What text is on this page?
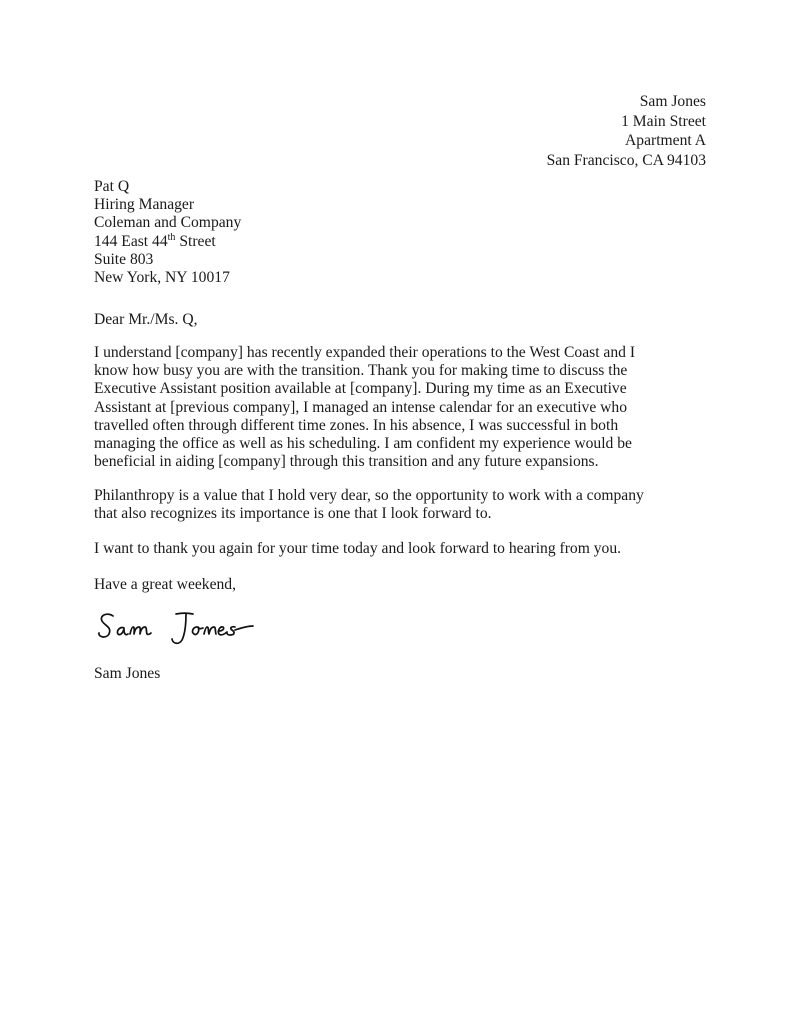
Sam Jones
1 Main Street
Apartment A
San Francisco, CA 94103
Pat Q
Hiring Manager
Coleman and Company
144 East 44th Street
Suite 803
New York, NY 10017
Dear Mr./Ms. Q,
I understand [company] has recently expanded their operations to the West Coast and I
know how busy you are with the transition. Thank you for making time to discuss the
Executive Assistant position available at [company]. During my time as an Executive
Assistant at [previous company], I managed an intense calendar for an executive who
travelled often through different time zones. In his absence, I was successful in both
managing the office as well as his scheduling. I am confident my experience would be
beneficial in aiding [company] through this transition and any future expansions.
Philanthropy is a value that I hold very dear, so the opportunity to work with a company
that also recognizes its importance is one that I look forward to.
I want to thank you again for your time today and look forward to hearing from you.
Have a great weekend,
Sam Jones
